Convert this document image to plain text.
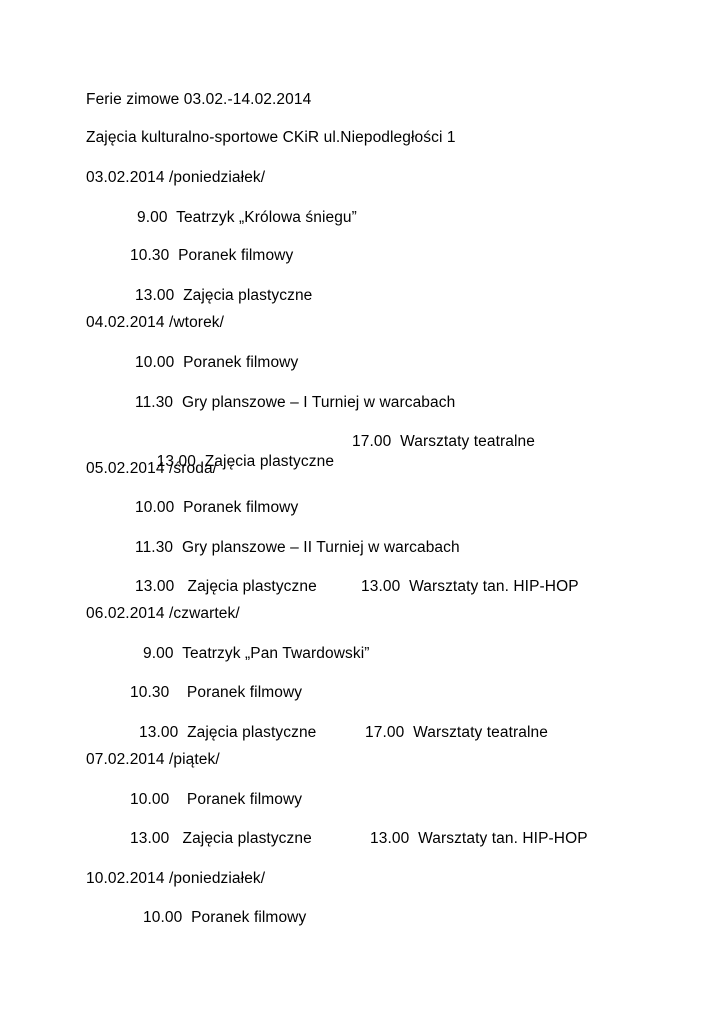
Ferie zimowe 03.02.-14.02.2014
Zajęcia kulturalno-sportowe CKiR ul.Niepodległości 1
03.02.2014 /poniedziałek/
9.00  Teatrzyk „Królowa śniegu”
10.30  Poranek filmowy
13.00  Zajęcia plastyczne
04.02.2014 /wtorek/
10.00  Poranek filmowy
11.30  Gry planszowe – I Turniej w warcabach

13.00  Zajęcia plastyczne

17.00  Warsztaty teatralne
05.02.2014 /środa/
10.00  Poranek filmowy
11.30  Gry planszowe – II Turniej w warcabach
13.00   Zajęcia plastyczne	13.00  Warsztaty tan. HIP-HOP
06.02.2014 /czwartek/
9.00  Teatrzyk „Pan Twardowski”
10.30    Poranek filmowy
13.00  Zajęcia plastyczne	17.00  Warsztaty teatralne
07.02.2014 /piątek/
10.00    Poranek filmowy
13.00   Zajęcia plastyczne	13.00  Warsztaty tan. HIP-HOP
10.02.2014 /poniedziałek/
10.00  Poranek filmowy
